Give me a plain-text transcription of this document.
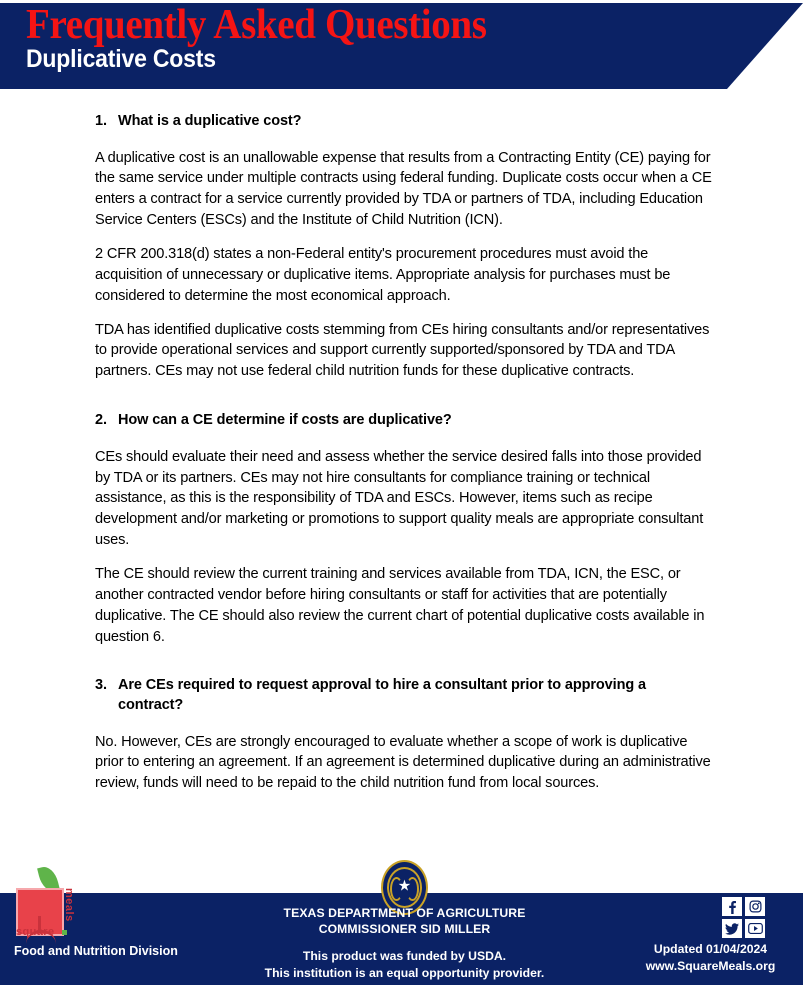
Frequently Asked Questions
Duplicative Costs
1. What is a duplicative cost?

A duplicative cost is an unallowable expense that results from a Contracting Entity (CE) paying for the same service under multiple contracts using federal funding. Duplicate costs occur when a CE enters a contract for a service currently provided by TDA or partners of TDA, including Education Service Centers (ESCs) and the Institute of Child Nutrition (ICN).

2 CFR 200.318(d) states a non-Federal entity's procurement procedures must avoid the acquisition of unnecessary or duplicative items. Appropriate analysis for purchases must be considered to determine the most economical approach.

TDA has identified duplicative costs stemming from CEs hiring consultants and/or representatives to provide operational services and support currently supported/sponsored by TDA and TDA partners. CEs may not use federal child nutrition funds for these duplicative contracts.

2. How can a CE determine if costs are duplicative?

CEs should evaluate their need and assess whether the service desired falls into those provided by TDA or its partners. CEs may not hire consultants for compliance training or technical assistance, as this is the responsibility of TDA and ESCs. However, items such as recipe development and/or marketing or promotions to support quality meals are appropriate consultant uses.

The CE should review the current training and services available from TDA, ICN, the ESC, or another contracted vendor before hiring consultants or staff for activities that are potentially duplicative. The CE should also review the current chart of potential duplicative costs available in question 6.

3. Are CEs required to request approval to hire a consultant prior to approving a contract?

No. However, CEs are strongly encouraged to evaluate whether a scope of work is duplicative prior to entering an agreement. If an agreement is determined duplicative during an administrative review, funds will need to be repaid to the child nutrition fund from local sources.

square
meals
Food and Nutrition Division
★
TEXAS DEPARTMENT OF AGRICULTURE
COMMISSIONER SID MILLER
This product was funded by USDA.
This institution is an equal opportunity provider.
Updated 01/04/2024
www.SquareMeals.org
